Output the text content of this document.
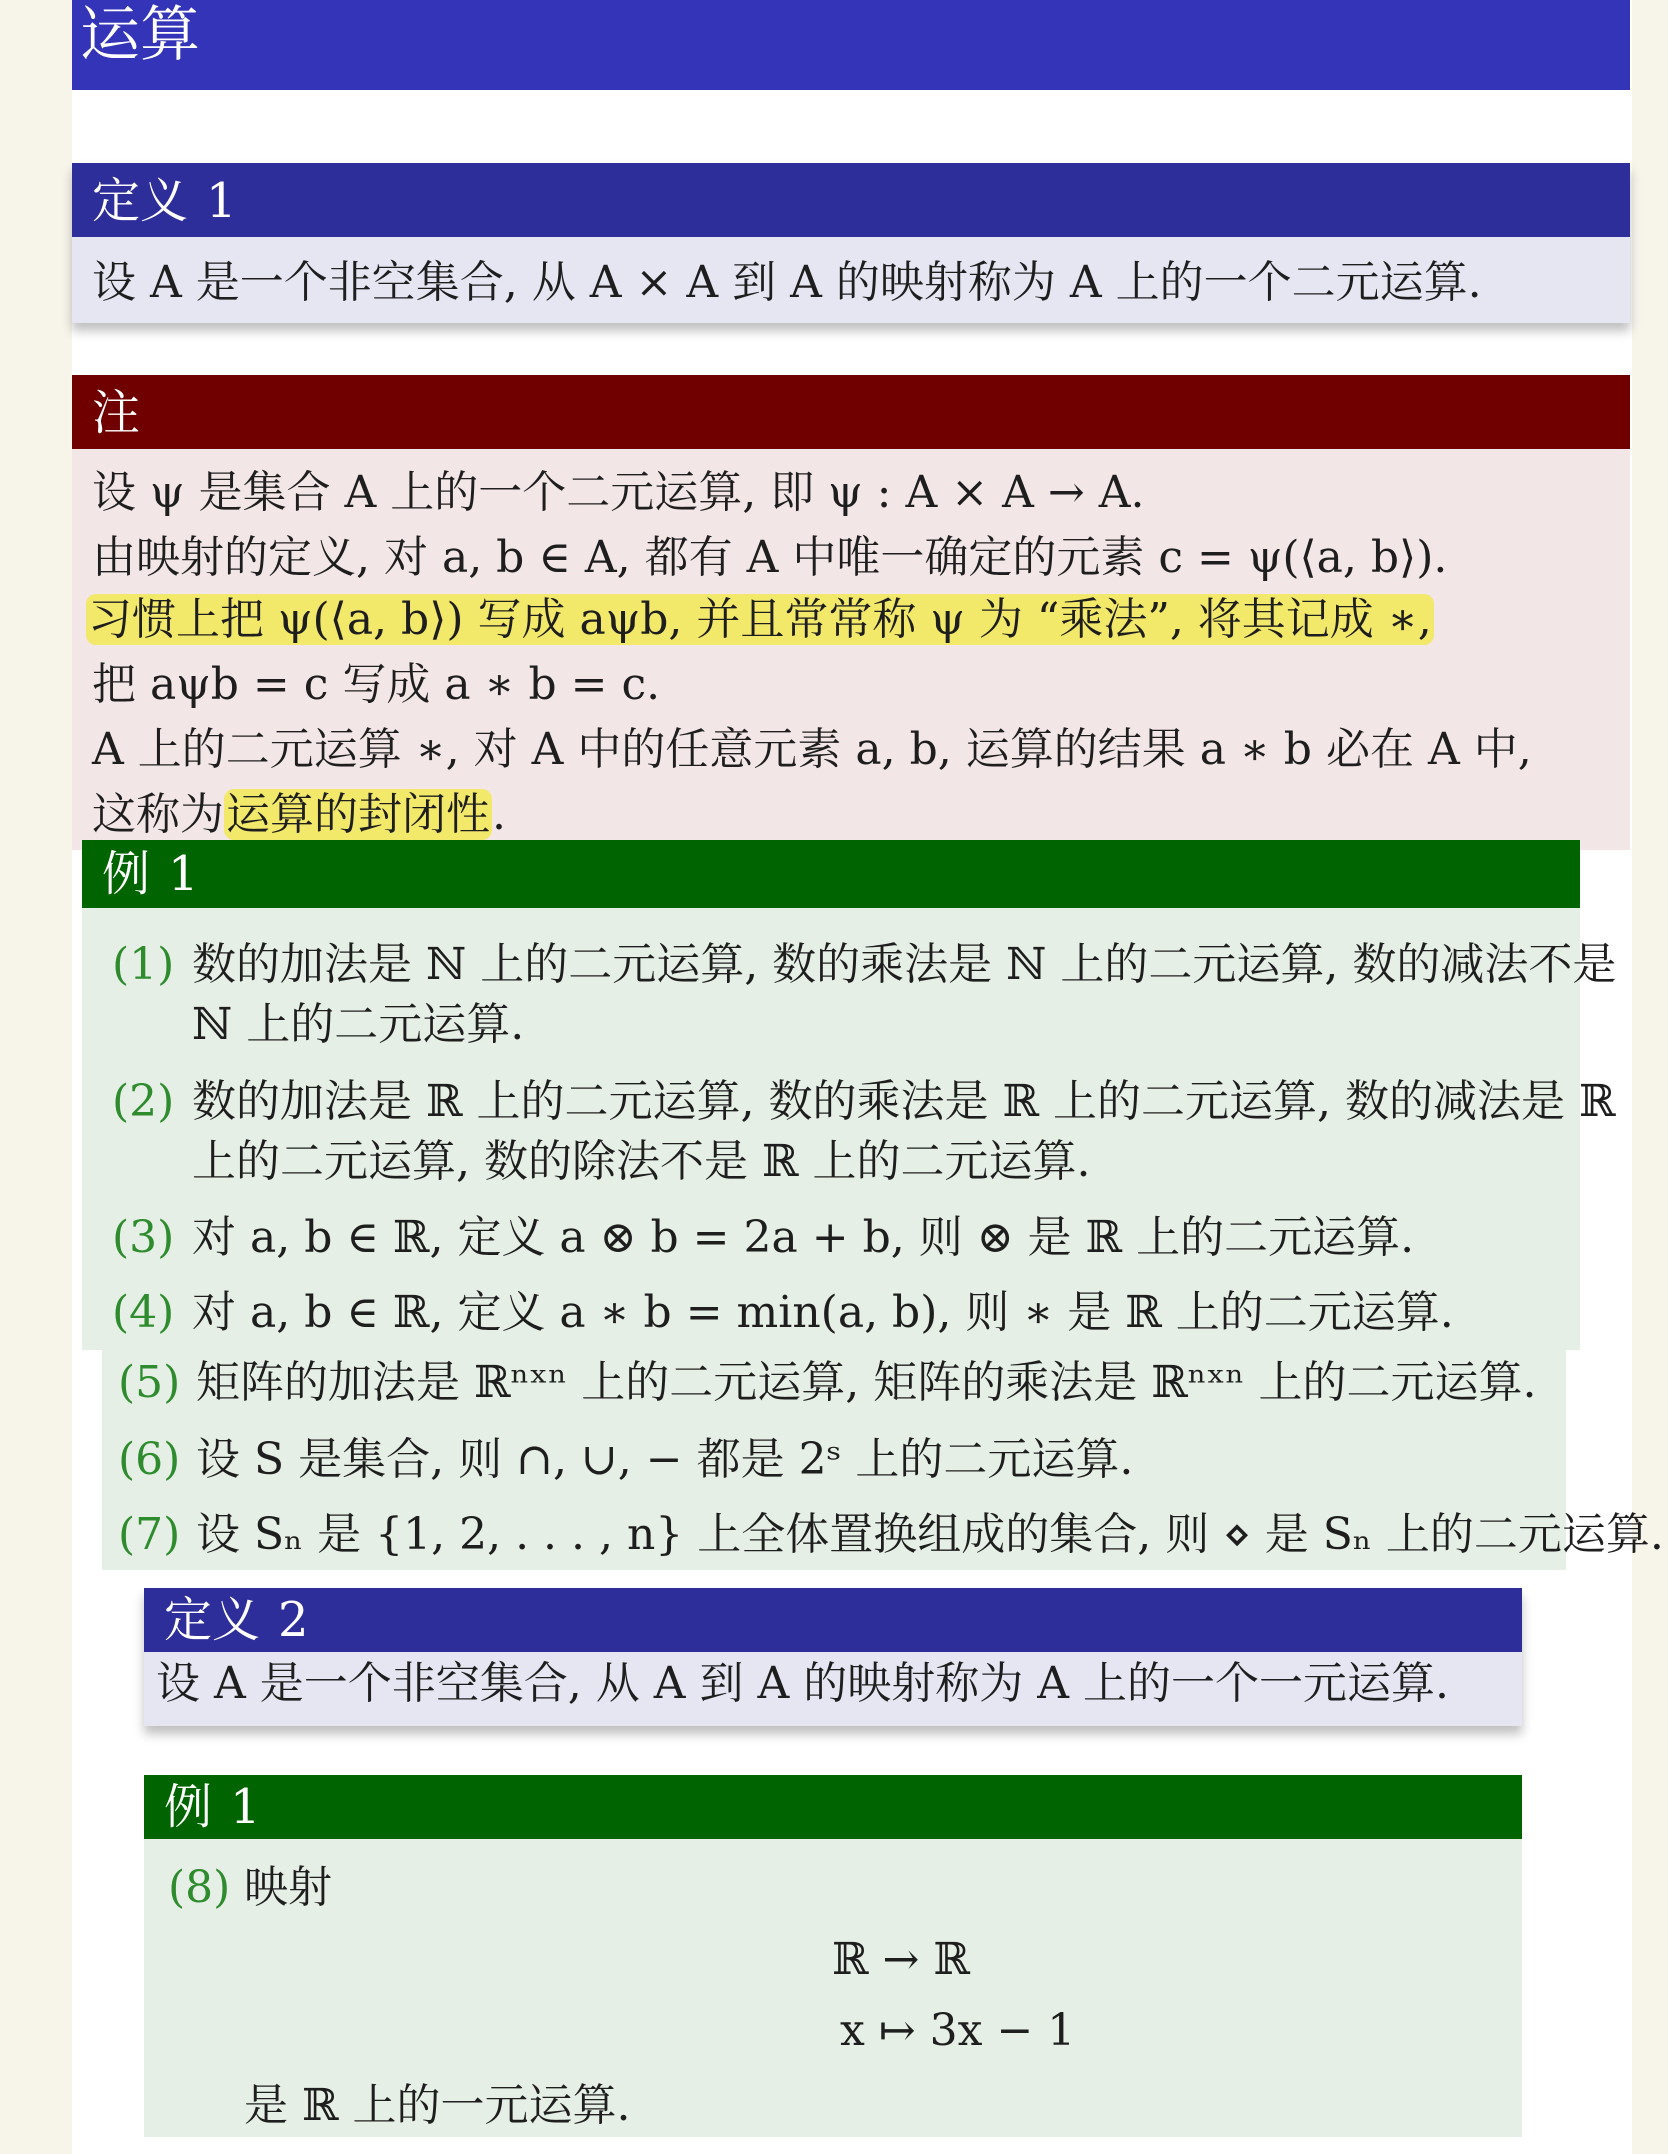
运算
定义 1
设 A 是一个非空集合, 从 A × A 到 A 的映射称为 A 上的一个二元运算.
注
设 ψ 是集合 A 上的一个二元运算, 即 ψ : A × A → A.
由映射的定义, 对 a, b ∈ A, 都有 A 中唯一确定的元素 c = ψ(⟨a, b⟩).
习惯上把 ψ(⟨a, b⟩) 写成 aψb, 并且常常称 ψ 为 “乘法”, 将其记成 ∗,
把 aψb = c 写成 a ∗ b = c.
A 上的二元运算 ∗, 对 A 中的任意元素 a, b, 运算的结果 a ∗ b 必在 A 中,
这称为运算的封闭性.
例 1
(1) 数的加法是 ℕ 上的二元运算, 数的乘法是 ℕ 上的二元运算, 数的减法不是
ℕ 上的二元运算.
(2) 数的加法是 ℝ 上的二元运算, 数的乘法是 ℝ 上的二元运算, 数的减法是 ℝ
上的二元运算, 数的除法不是 ℝ 上的二元运算.
(3) 对 a, b ∈ ℝ, 定义 a ⊗ b = 2a + b, 则 ⊗ 是 ℝ 上的二元运算.
(4) 对 a, b ∈ ℝ, 定义 a ∗ b = min(a, b), 则 ∗ 是 ℝ 上的二元运算.
(5) 矩阵的加法是 ℝⁿˣⁿ 上的二元运算, 矩阵的乘法是 ℝⁿˣⁿ 上的二元运算.
(6) 设 S 是集合, 则 ∩, ∪, − 都是 2ˢ 上的二元运算.
(7) 设 Sₙ 是 {1, 2, . . . , n} 上全体置换组成的集合, 则 ⋄ 是 Sₙ 上的二元运算.
定义 2
设 A 是一个非空集合, 从 A 到 A 的映射称为 A 上的一个一元运算.
例 1
(8) 映射
ℝ → ℝ
x ↦ 3x − 1
是 ℝ 上的一元运算.
